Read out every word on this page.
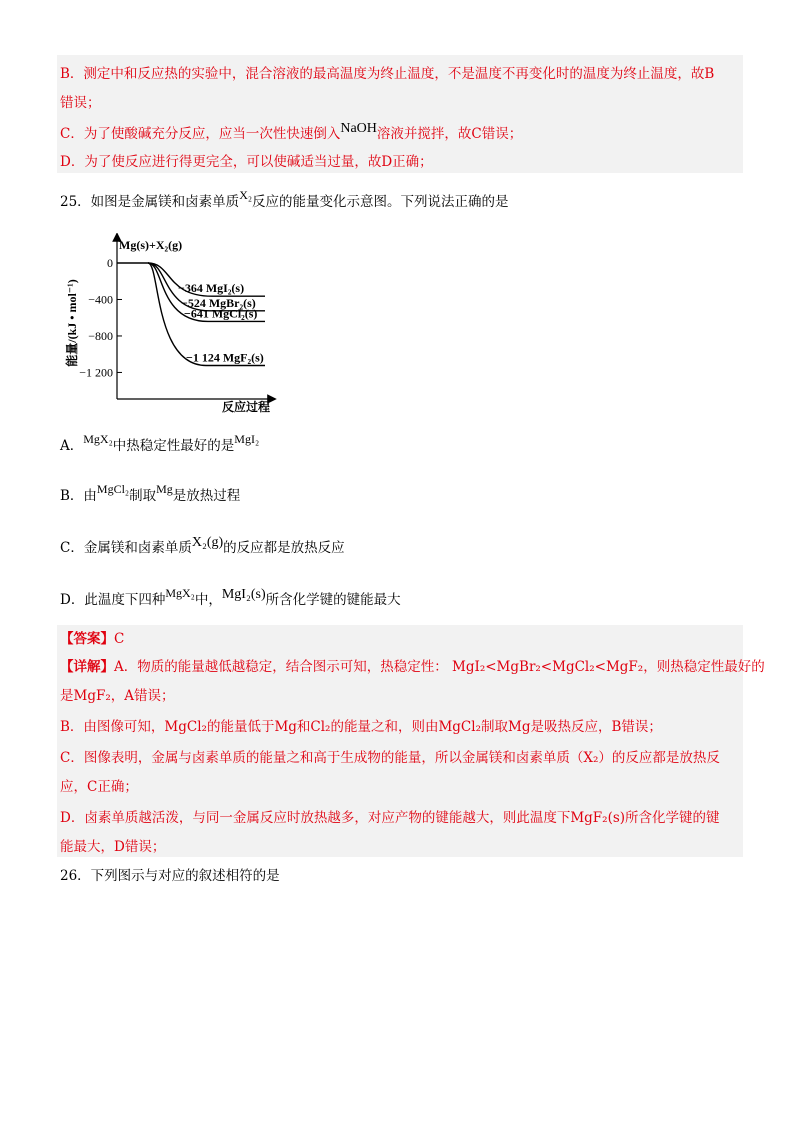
B．测定中和反应热的实验中，混合溶液的最高温度为终止温度，不是温度不再变化时的温度为终止温度，故B
错误；
C．为了使酸碱充分反应，应当一次性快速倒入NaOH溶液并搅拌，故C错误；
D．为了使反应进行得更完全，可以使碱适当过量，故D正确；
25．如图是金属镁和卤素单质X₂反应的能量变化示意图。下列说法正确的是
Mg(s)+X₂(g)
0
−400
−800
−1 200
能量/(kJ • mol⁻¹)
反应过程
−364 MgI₂(s)
−524 MgBr₂(s)
−641 MgCl₂(s)
−1 124 MgF₂(s)
A．MgX₂中热稳定性最好的是MgI₂
B．由MgCl₂制取Mg是放热过程
C．金属镁和卤素单质X₂(g)的反应都是放热反应
D．此温度下四种MgX₂中，MgI₂(s)所含化学键的键能最大
【答案】C
【详解】A．物质的能量越低越稳定，结合图示可知，热稳定性： MgI₂<MgBr₂<MgCl₂<MgF₂，则热稳定性最好的
是MgF₂，A错误；
B．由图像可知，MgCl₂的能量低于Mg和Cl₂的能量之和，则由MgCl₂制取Mg是吸热反应，B错误；
C．图像表明，金属与卤素单质的能量之和高于生成物的能量，所以金属镁和卤素单质（X₂）的反应都是放热反
应，C正确；
D．卤素单质越活泼，与同一金属反应时放热越多，对应产物的键能越大，则此温度下MgF₂(s)所含化学键的键
能最大，D错误；
26．下列图示与对应的叙述相符的是
